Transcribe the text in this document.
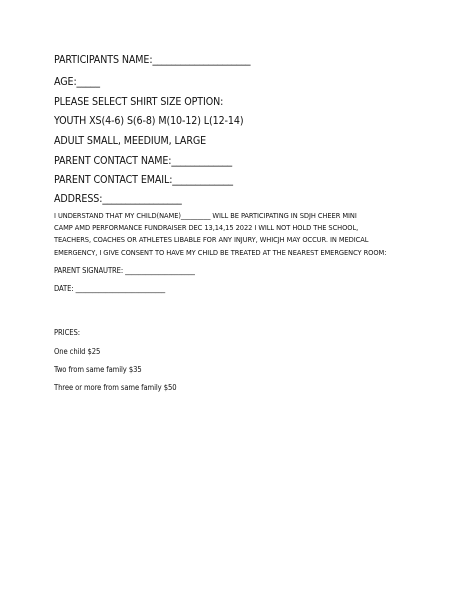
PARTICIPANTS NAME:_____________________
AGE:_____
PLEASE SELECT SHIRT SIZE OPTION:
YOUTH XS(4-6) S(6-8) M(10-12) L(12-14)
ADULT SMALL, MEEDIUM, LARGE
PARENT CONTACT NAME:_____________
PARENT CONTACT EMAIL:_____________
ADDRESS:_________________
I UNDERSTAND THAT MY CHILD(NAME)_________ WILL BE PARTICIPATING IN SDJH CHEER MINI
CAMP AMD PERFORMANCE FUNDRAISER DEC 13,14,15 2022 I WILL NOT HOLD THE SCHOOL,
TEACHERS, COACHES OR ATHLETES LIBABLE FOR ANY INJURY, WHICJH MAY OCCUR. IN MEDICAL
EMERGENCY, I GIVE CONSENT TO HAVE MY CHILD BE TREATED AT THE NEAREST EMERGENCY ROOM:
PARENT SIGNAUTRE: _____________________
DATE: ___________________________
PRICES:
One child $25
Two from same family $35
Three or more from same family $50
